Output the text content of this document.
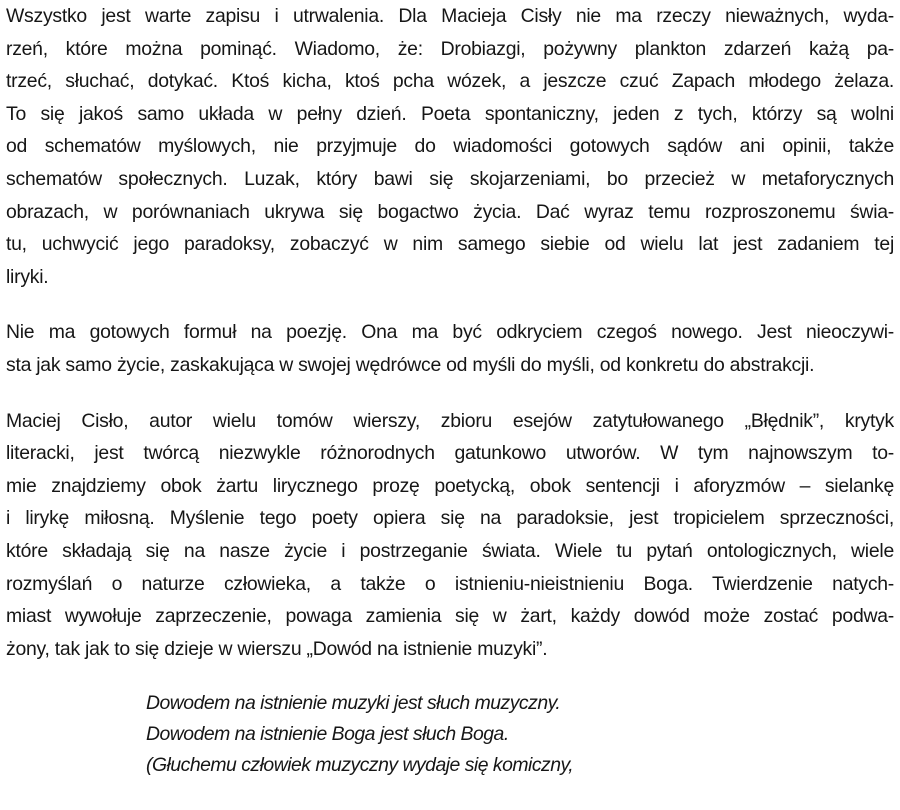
Wszystko jest warte zapisu i utrwalenia. Dla Macieja Cisły nie ma rzeczy nieważnych, wyda-
rzeń, które można pominąć. Wiadomo, że: Drobiazgi, pożywny plankton zdarzeń każą pa-
trzeć, słuchać, dotykać. Ktoś kicha, ktoś pcha wózek, a jeszcze czuć Zapach młodego żelaza.
To się jakoś samo układa w pełny dzień. Poeta spontaniczny, jeden z tych, którzy są wolni
od schematów myślowych, nie przyjmuje do wiadomości gotowych sądów ani opinii, także
schematów społecznych. Luzak, który bawi się skojarzeniami, bo przecież w metaforycznych
obrazach, w porównaniach ukrywa się bogactwo życia. Dać wyraz temu rozproszonemu świa-
tu, uchwycić jego paradoksy, zobaczyć w nim samego siebie od wielu lat jest zadaniem tej
liryki.
Nie ma gotowych formuł na poezję. Ona ma być odkryciem czegoś nowego. Jest nieoczywi-
sta jak samo życie, zaskakująca w swojej wędrówce od myśli do myśli, od konkretu do abstrakcji.
Maciej Cisło, autor wielu tomów wierszy, zbioru esejów zatytułowanego „Błędnik”, krytyk
literacki, jest twórcą niezwykle różnorodnych gatunkowo utworów. W tym najnowszym to-
mie znajdziemy obok żartu lirycznego prozę poetycką, obok sentencji i aforyzmów – sielankę
i lirykę miłosną. Myślenie tego poety opiera się na paradoksie, jest tropicielem sprzeczności,
które składają się na nasze życie i postrzeganie świata. Wiele tu pytań ontologicznych, wiele
rozmyślań o naturze człowieka, a także o istnieniu-nieistnieniu Boga. Twierdzenie natych-
miast wywołuje zaprzeczenie, powaga zamienia się w żart, każdy dowód może zostać podwa-
żony, tak jak to się dzieje w wierszu „Dowód na istnienie muzyki”.
Dowodem na istnienie muzyki jest słuch muzyczny.
Dowodem na istnienie Boga jest słuch Boga.
(Głuchemu człowiek muzyczny wydaje się komiczny,
